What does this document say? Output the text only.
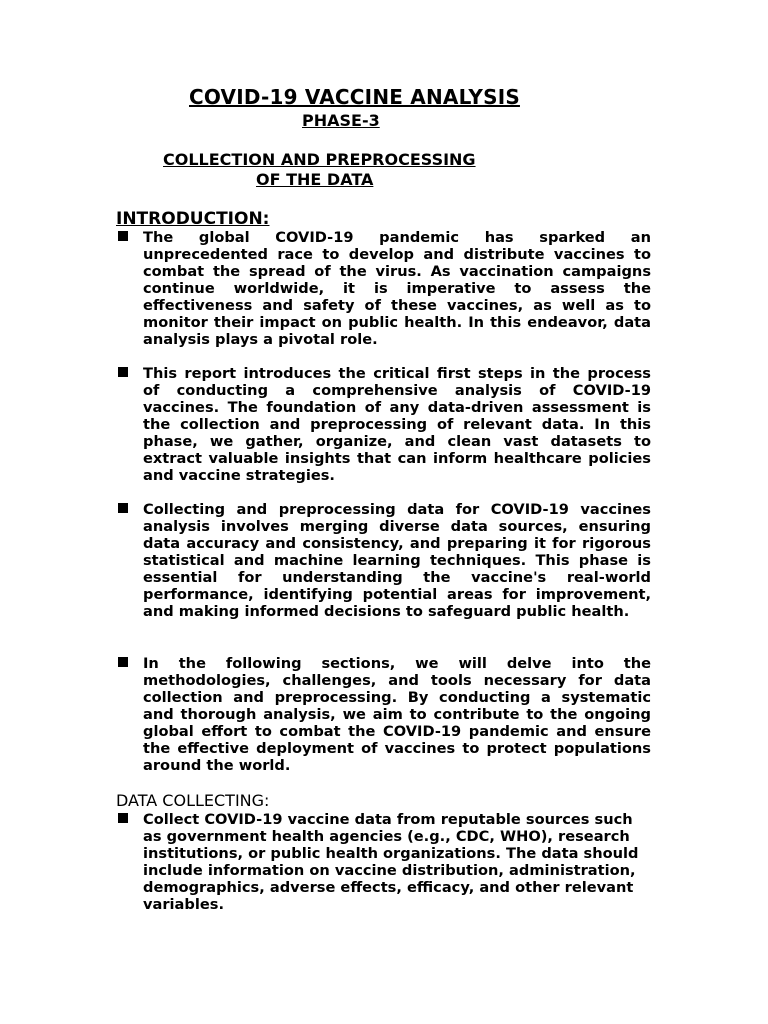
COVID-19 VACCINE ANALYSIS
PHASE-3
COLLECTION AND PREPROCESSING
OF THE DATA
INTRODUCTION:
The global COVID-19 pandemic has sparked an unprecedented race to develop and distribute vaccines to combat the spread of the virus. As vaccination campaigns continue worldwide, it is imperative to assess the effectiveness and safety of these vaccines, as well as to monitor their impact on public health. In this endeavor, data analysis plays a pivotal role.
This report introduces the critical first steps in the process of conducting a comprehensive analysis of COVID-19 vaccines. The foundation of any data-driven assessment is the collection and preprocessing of relevant data. In this phase, we gather, organize, and clean vast datasets to extract valuable insights that can inform healthcare policies and vaccine strategies.
Collecting and preprocessing data for COVID-19 vaccines analysis involves merging diverse data sources, ensuring data accuracy and consistency, and preparing it for rigorous statistical and machine learning techniques. This phase is essential for understanding the vaccine's real-world performance, identifying potential areas for improvement, and making informed decisions to safeguard public health.
In the following sections, we will delve into the methodologies, challenges, and tools necessary for data collection and preprocessing. By conducting a systematic and thorough analysis, we aim to contribute to the ongoing global effort to combat the COVID-19 pandemic and ensure the effective deployment of vaccines to protect populations around the world.
DATA COLLECTING:
Collect COVID-19 vaccine data from reputable sources such as government health agencies (e.g., CDC, WHO), research institutions, or public health organizations. The data should include information on vaccine distribution, administration, demographics, adverse effects, efficacy, and other relevant variables.
